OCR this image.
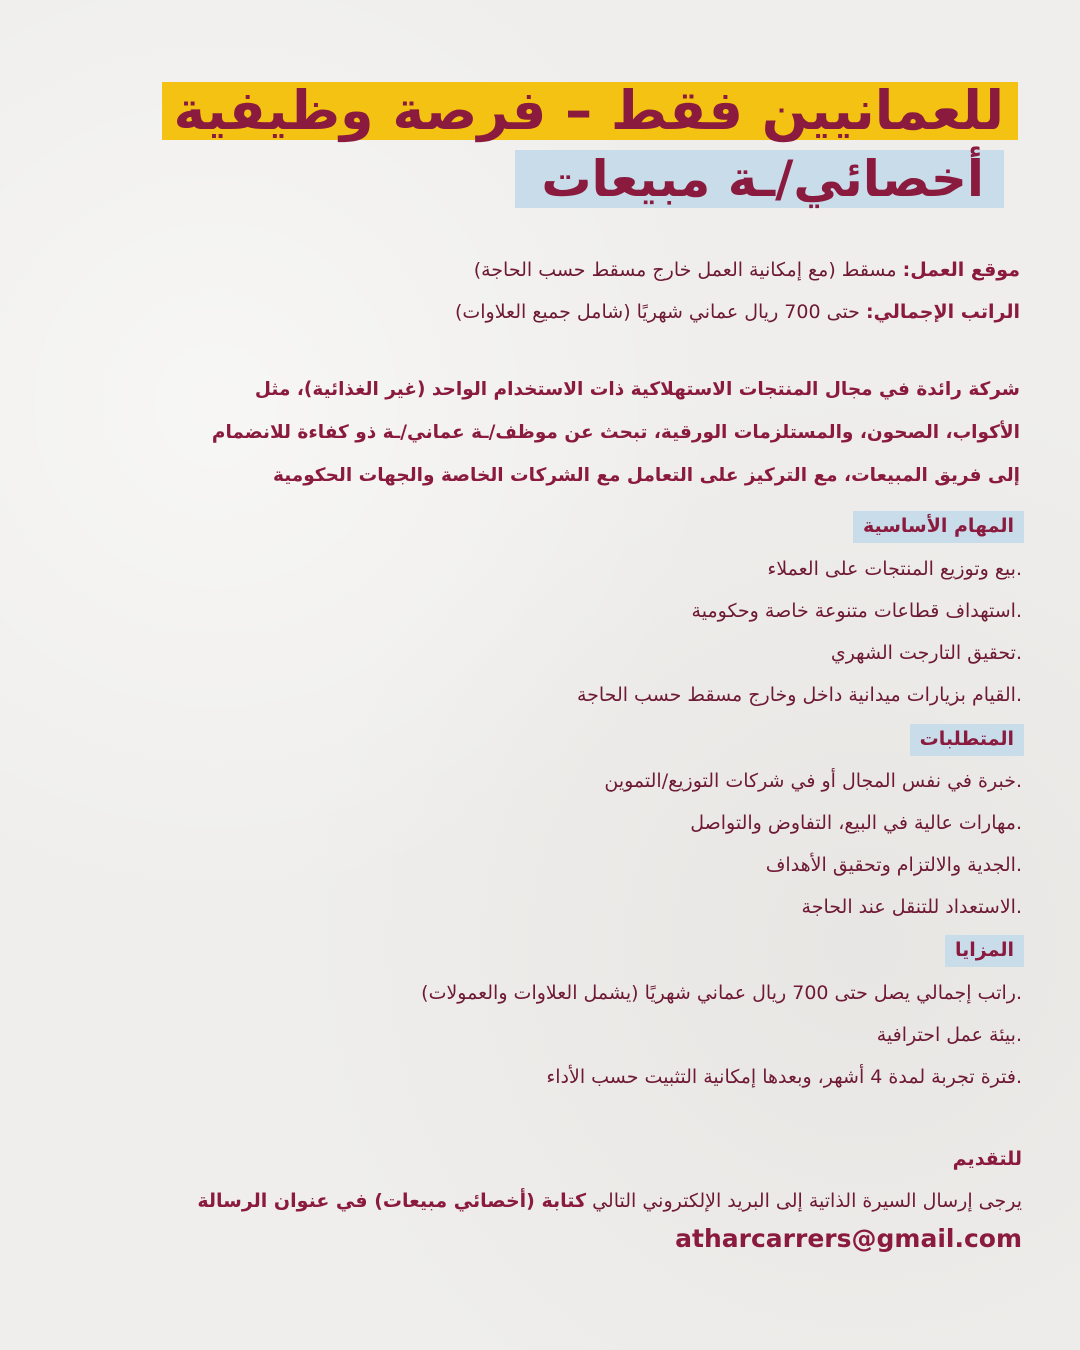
للعمانيين فقط – فرصة وظيفية
أخصائي/ـة مبيعات
موقع العمل: مسقط (مع إمكانية العمل خارج مسقط حسب الحاجة)
الراتب الإجمالي: حتى 700 ريال عماني شهريًا (شامل جميع العلاوات)
شركة رائدة في مجال المنتجات الاستهلاكية ذات الاستخدام الواحد (غير الغذائية)، مثل
الأكواب، الصحون، والمستلزمات الورقية، تبحث عن موظف/ـة عماني/ـة ذو كفاءة للانضمام
إلى فريق المبيعات، مع التركيز على التعامل مع الشركات الخاصة والجهات الحكومية
المهام الأساسية
.بيع وتوزيع المنتجات على العملاء
.استهداف قطاعات متنوعة خاصة وحكومية
.تحقيق التارجت الشهري
.القيام بزيارات ميدانية داخل وخارج مسقط حسب الحاجة
المتطلبات
.خبرة في نفس المجال أو في شركات التوزيع/التموين
.مهارات عالية في البيع، التفاوض والتواصل
.الجدية والالتزام وتحقيق الأهداف
.الاستعداد للتنقل عند الحاجة
المزايا
.راتب إجمالي يصل حتى 700 ريال عماني شهريًا (يشمل العلاوات والعمولات)
.بيئة عمل احترافية
.فترة تجربة لمدة 4 أشهر، وبعدها إمكانية التثبيت حسب الأداء
للتقديم
يرجى إرسال السيرة الذاتية إلى البريد الإلكتروني التالي كتابة (أخصائي مبيعات) في عنوان الرسالة
atharcarrers@gmail.com
